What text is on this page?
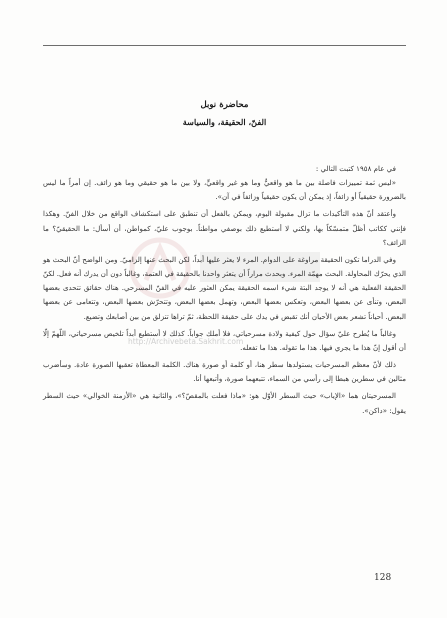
محاضرة نوبل
الفنّ، الحقيقة، والسياسة

في عام ١٩٥٨ كتبت التالي :

«ليس ثمة تمييزات فاصلة بين ما هو واقعيٌّ وما هو غير واقعيٍّ، ولا بين ما هو حقيقي وما هو زائف. إن أمراً ما ليس بالضرورة حقيقياً أو زائفاً، إذ يمكن أن يكون حقيقياً وزائفاً في آن».

وأعتقد أنّ هذه التأكيدات ما تزال مقبولة اليوم، ويمكن بالفعل أن تنطبق على استكشاف الواقع من خلال الفنّ. وهكذا فإنني ككاتب أظلّ متمسّكاً بها، ولكني لا أستطيع ذلك بوصفي مواطناً. بوجوب عليّ، كمواطن، أن أسأل: ما الحقيقيّ؟ ما الزائف؟

وفي الدراما تكون الحقيقة مراوغة على الدوام. المرء لا يعثر عليها أبداً، لكن البحث عنها إلزاميّ. ومن الواضح أنّ البحث هو الذي يحرّك المحاولة. البحث مهمّة المرء. وبحدث مراراً أن يتعثر واحدنا بالحقيقة في العتمة، وغالباً دون أن يدرك أنه فعل. لكنّ الحقيقة الفعلية هي أنه لا يوجد البتة شيء اسمه الحقيقة يمكن العثور عليه في الفنّ المسرحي. هناك حقائق تتحدى بعضها البعض، وتنأى عن بعضها البعض، وتعكس بعضها البعض، وتهمل بعضها البعض، وتتحرّش بعضها البعض، وتتعامى عن بعضها البعض. أحياناً تشعر بعض الأحيان أنك تقبض في يدك على حقيقة اللحظة، ثمّ تراها تتزلق من بين أصابعك وتضيع.

وغالباً ما يُطرح عليّ سؤال حول كيفية ولادة مسرحياتي، فلا أملك جواباً. كذلك لا أستطيع أبداً تلخيص مسرحياتي، اللّهمّ إلّا أن أقول إنّ هذا ما يجري فيها. هذا ما تقوله. هذا ما تفعله.

ذلك لأنّ معظم المسرحيات يستولدها سطر هنا، أو كلمة أو صورة هناك. الكلمة المعطاة تعقبها الصورة عادة. وسأضرب مثالين في سطرين هبطا إلى رأسي من السماء، تتبعهما صورة، وأتبعها أنا.

المسرحيتان هما «الإياب» حيث السطر الأوّل هو: «ماذا فعلت بالمقصّ؟»، والثانية هي «الأزمنة الخوالي» حيث السطر يقول: «داكن».

http://Archivebeta.Sakhrit.com
128
